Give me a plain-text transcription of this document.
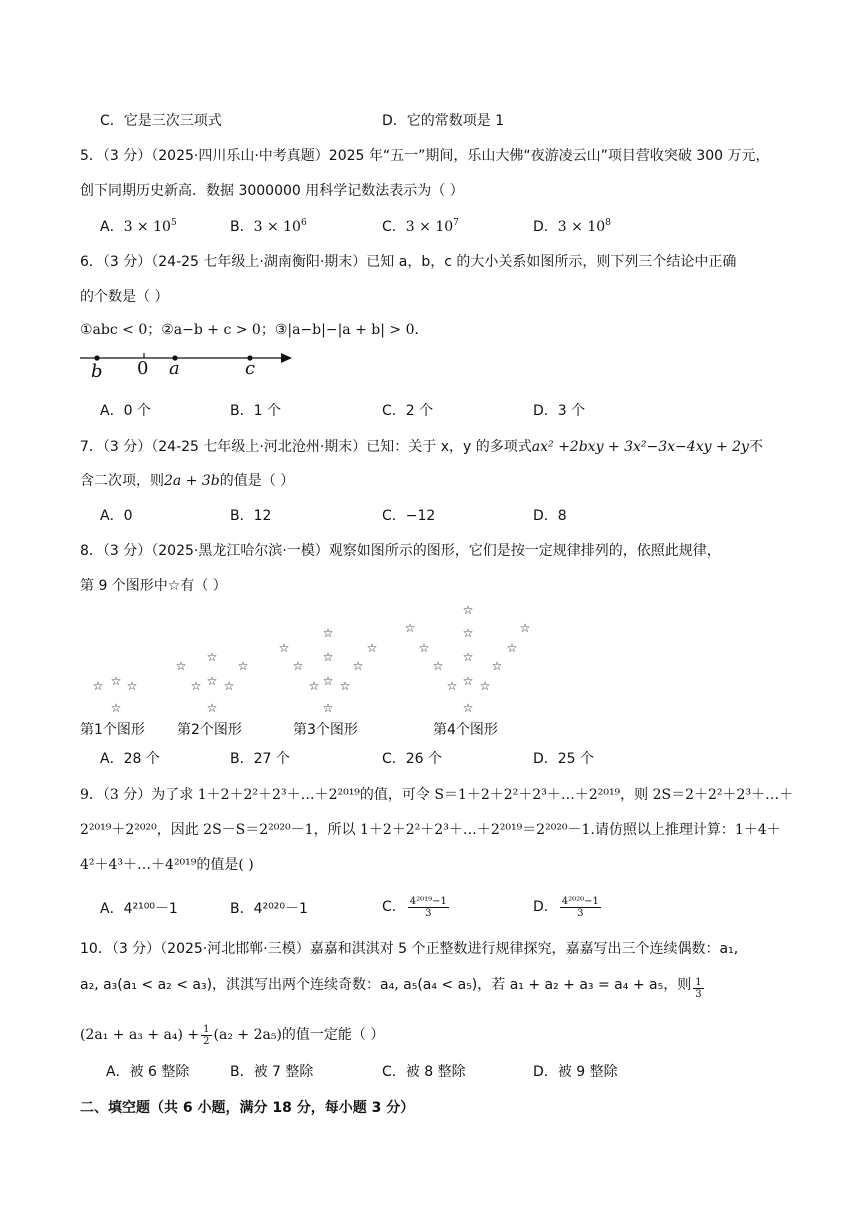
C．它是三次三项式	D．它的常数项是 1
5．（3 分）（2025·四川乐山·中考真题）2025 年“五一”期间，乐山大佛“夜游凌云山”项目营收突破 300 万元，
创下同期历史新高．数据 3000000 用科学记数法表示为（ ）
A．$3 \times 10^5$	B．$3 \times 10^6$	C．$3 \times 10^7$	D．$3 \times 10^8$
6．（3 分）（24-25 七年级上·湖南衡阳·期末）已知 a，b，c 的大小关系如图所示，则下列三个结论中正确
的个数是（ ）
①abc < 0；②a−b + c > 0；③|a−b|−|a + b| > 0．
b 0 a	c
A．0 个	B．1 个	C．2 个	D．3 个
7．（3 分）（24-25 七年级上·河北沧州·期末）已知：关于 x，y 的多项式ax² +2bxy + 3x²−3x−4xy + 2y不
含二次项，则2a + 3b的值是（ ）
A．0	B．12	C．−12	D．8
8．（3 分）（2025·黑龙江哈尔滨·一模）观察如图所示的图形，它们是按一定规律排列的，依照此规律，
第 9 个图形中☆有（ ）
☆ ☆ ☆
☆
☆
☆
☆
☆ ☆ ☆
☆
☆
☆
☆
☆
☆
☆
☆ ☆ ☆
☆
☆
☆
☆
☆
☆
☆
☆
☆
☆
☆ ☆ ☆
☆
第1个图形 第2个图形	第3个图形	第4个图形
A．28 个	B．27 个	C．26 个	D．25 个
9．（3 分）为了求 1＋2＋2²＋2³＋…＋2²⁰¹⁹的值，可令 S＝1＋2＋2²＋2³＋…＋2²⁰¹⁹，则 2S＝2＋2²＋2³＋…＋
2²⁰¹⁹＋2²⁰²⁰，因此 2S－S＝2²⁰²⁰－1，所以 1＋2＋2²＋2³＋…＋2²⁰¹⁹＝2²⁰²⁰－1.请仿照以上推理计算：1＋4＋
4²＋4³＋…＋4²⁰¹⁹的值是( )
A．4²¹⁰⁰－1	B．4²⁰²⁰－1	C． $\frac{\text{4²⁰¹⁹−1}}{3}$	D． $\frac{\text{4²⁰²⁰−1}}{3}$
10．（3 分）（2025·河北邯郸·三模）嘉嘉和淇淇对 5 个正整数进行规律探究，嘉嘉写出三个连续偶数：a₁,
a₂, a₃(a₁ < a₂ < a₃)，淇淇写出两个连续奇数：a₄, a₅(a₄ < a₅)，若 a₁ + a₂ + a₃ = a₄ + a₅，则 $\frac{1}{3}$
$(2a_1 + a_3 + a_4) + \frac{1}{2} (a_2 + 2a_5)$的值一定能（ ）
A．被 6 整除	B．被 7 整除	C．被 8 整除	D．被 9 整除
二、填空题（共 6 小题，满分 18 分，每小题 3 分）
